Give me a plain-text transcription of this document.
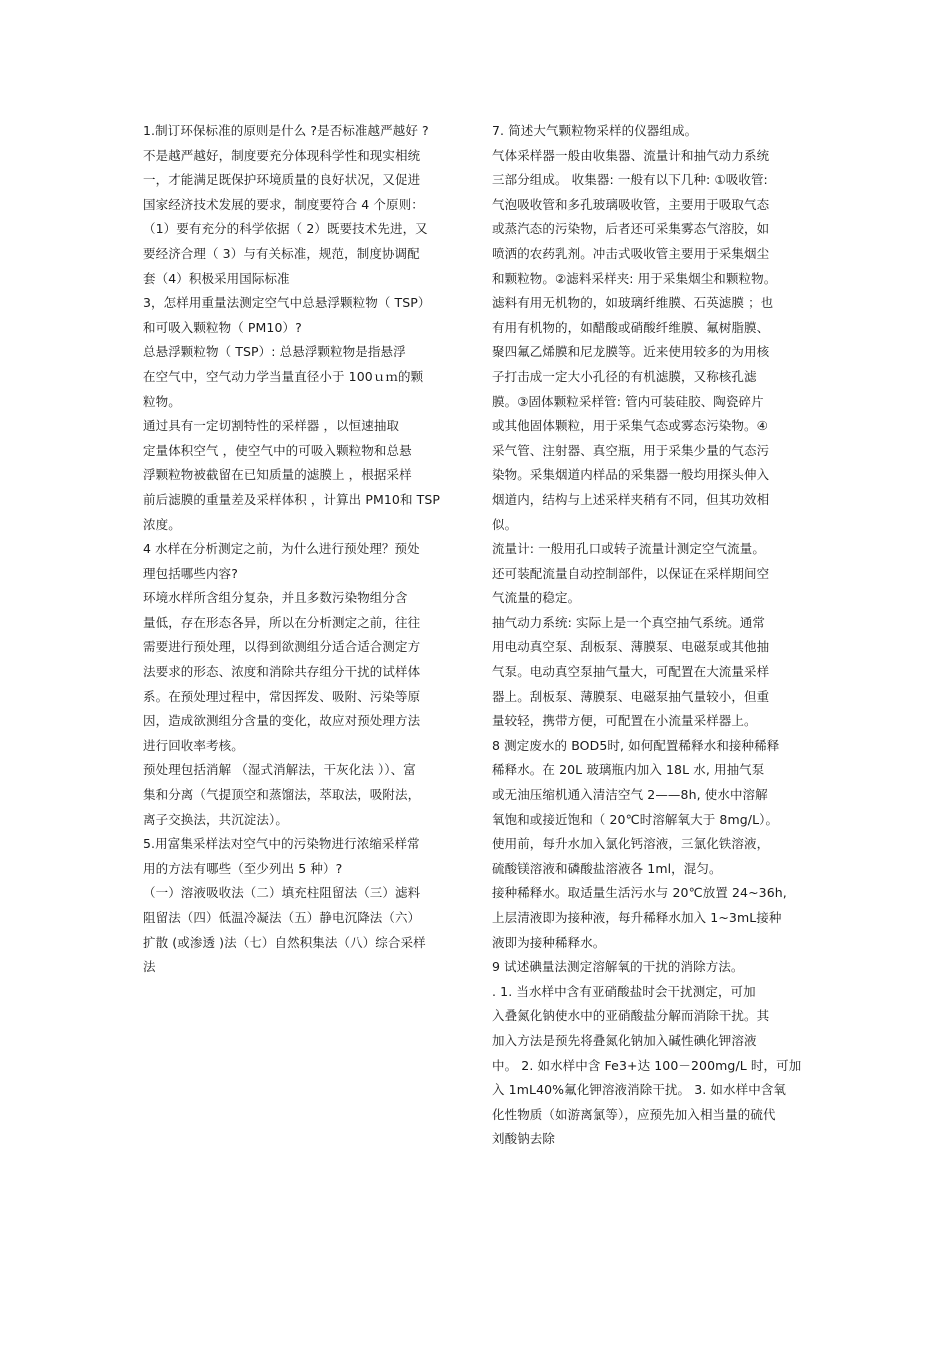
1.制订环保标准的原则是什么 ?是否标准越严越好 ?
不是越严越好，制度要充分体现科学性和现实相统
一，才能满足既保护环境质量的良好状况，又促进
国家经济技术发展的要求，制度要符合 4 个原则：
（1）要有充分的科学依据（ 2）既要技术先进，又
要经济合理（ 3）与有关标准，规范，制度协调配
套（4）积极采用国际标准
3，怎样用重量法测定空气中总悬浮颗粒物（ TSP）
和可吸入颗粒物（ PM10）?
总悬浮颗粒物（ TSP）: 总悬浮颗粒物是指悬浮
在空气中，空气动力学当量直径小于 100ｕｍ的颗
粒物。
通过具有一定切割特性的采样器 ，以恒速抽取
定量体积空气 ，使空气中的可吸入颗粒物和总悬
浮颗粒物被截留在已知质量的滤膜上 ，根据采样
前后滤膜的重量差及采样体积 ，计算出 PM10和 TSP
浓度。
4 水样在分析测定之前，为什么进行预处理？预处
理包括哪些内容?
环境水样所含组分复杂，并且多数污染物组分含
量低，存在形态各异，所以在分析测定之前，往往
需要进行预处理，以得到欲测组分适合适合测定方
法要求的形态、浓度和消除共存组分干扰的试样体
系。在预处理过程中，常因挥发、吸附、污染等原
因，造成欲测组分含量的变化，故应对预处理方法
进行回收率考核。
预处理包括消解 （湿式消解法，干灰化法 ））、富
集和分离（气提顶空和蒸馏法，萃取法，吸附法，
离子交换法，共沉淀法）。
5.用富集采样法对空气中的污染物进行浓缩采样常
用的方法有哪些（至少列出 5 种）?
（一）溶液吸收法（二）填充柱阻留法（三）滤料
阻留法（四）低温冷凝法（五）静电沉降法（六）
扩散 (或渗透 )法（七）自然积集法（八）综合采样
法
7. 简述大气颗粒物采样的仪器组成。
气体采样器一般由收集器、流量计和抽气动力系统
三部分组成。 收集器: 一般有以下几种: ①吸收管:
气泡吸收管和多孔玻璃吸收管，主要用于吸取气态
或蒸汽态的污染物，后者还可采集雾态气溶胶，如
喷洒的农药乳剂。冲击式吸收管主要用于采集烟尘
和颗粒物。②滤料采样夹: 用于采集烟尘和颗粒物。
滤料有用无机物的，如玻璃纤维膜、石英滤膜 ；也
有用有机物的，如醋酸或硝酸纤维膜、氟树脂膜、
聚四氟乙烯膜和尼龙膜等。近来使用较多的为用核
子打击成一定大小孔径的有机滤膜，又称核孔滤
膜。③固体颗粒采样管: 管内可装硅胶、陶瓷碎片
或其他固体颗粒，用于采集气态或雾态污染物。④
采气管、注射器、真空瓶，用于采集少量的气态污
染物。采集烟道内样品的采集器一般均用探头伸入
烟道内，结构与上述采样夹稍有不同，但其功效相
似。
流量计: 一般用孔口或转子流量计测定空气流量。
还可装配流量自动控制部件，以保证在采样期间空
气流量的稳定。
抽气动力系统: 实际上是一个真空抽气系统。通常
用电动真空泵、刮板泵、薄膜泵、电磁泵或其他抽
气泵。电动真空泵抽气量大，可配置在大流量采样
器上。刮板泵、薄膜泵、电磁泵抽气量较小，但重
量较轻，携带方便，可配置在小流量采样器上。
8 测定废水的 BOD5时, 如何配置稀释水和接种稀释
稀释水。在 20L 玻璃瓶内加入 18L 水, 用抽气泵
或无油压缩机通入清洁空气 2——8h, 使水中溶解
氧饱和或接近饱和（ 20℃时溶解氧大于 8mg/L）。
使用前，每升水加入氯化钙溶液，三氯化铁溶液，
硫酸镁溶液和磷酸盐溶液各 1ml，混匀。
接种稀释水。取适量生活污水与 20℃放置 24~36h,
上层清液即为接种液，每升稀释水加入 1~3mL接种
液即为接种稀释水。
9 试述碘量法测定溶解氧的干扰的消除方法。
. 1. 当水样中含有亚硝酸盐时会干扰测定，可加
入叠氮化钠使水中的亚硝酸盐分解而消除干扰。其
加入方法是预先将叠氮化钠加入碱性碘化钾溶液
中。 2. 如水样中含 Fe3+达 100－200mg/L 时，可加
入 1mL40%氟化钾溶液消除干扰。 3. 如水样中含氧
化性物质（如游离氯等），应预先加入相当量的硫代
刘酸钠去除
